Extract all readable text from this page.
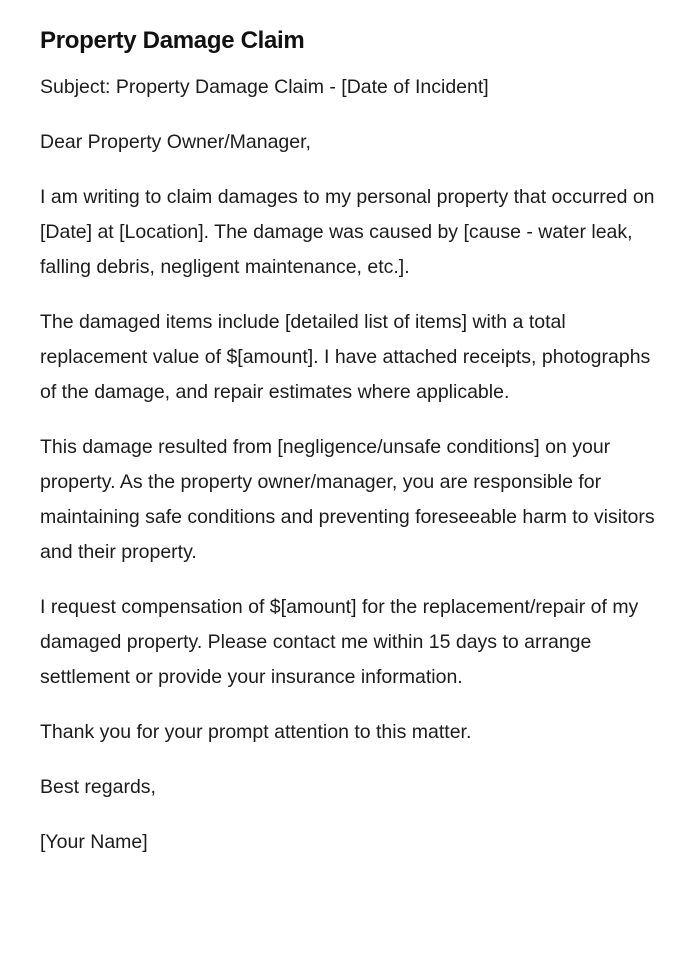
Property Damage Claim

Subject: Property Damage Claim - [Date of Incident]

Dear Property Owner/Manager,

I am writing to claim damages to my personal property that occurred on [Date] at [Location]. The damage was caused by [cause - water leak, falling debris, negligent maintenance, etc.].

The damaged items include [detailed list of items] with a total replacement value of $[amount]. I have attached receipts, photographs of the damage, and repair estimates where applicable.

This damage resulted from [negligence/unsafe conditions] on your property. As the property owner/manager, you are responsible for maintaining safe conditions and preventing foreseeable harm to visitors and their property.

I request compensation of $[amount] for the replacement/repair of my damaged property. Please contact me within 15 days to arrange settlement or provide your insurance information.

Thank you for your prompt attention to this matter.

Best regards,

[Your Name]
